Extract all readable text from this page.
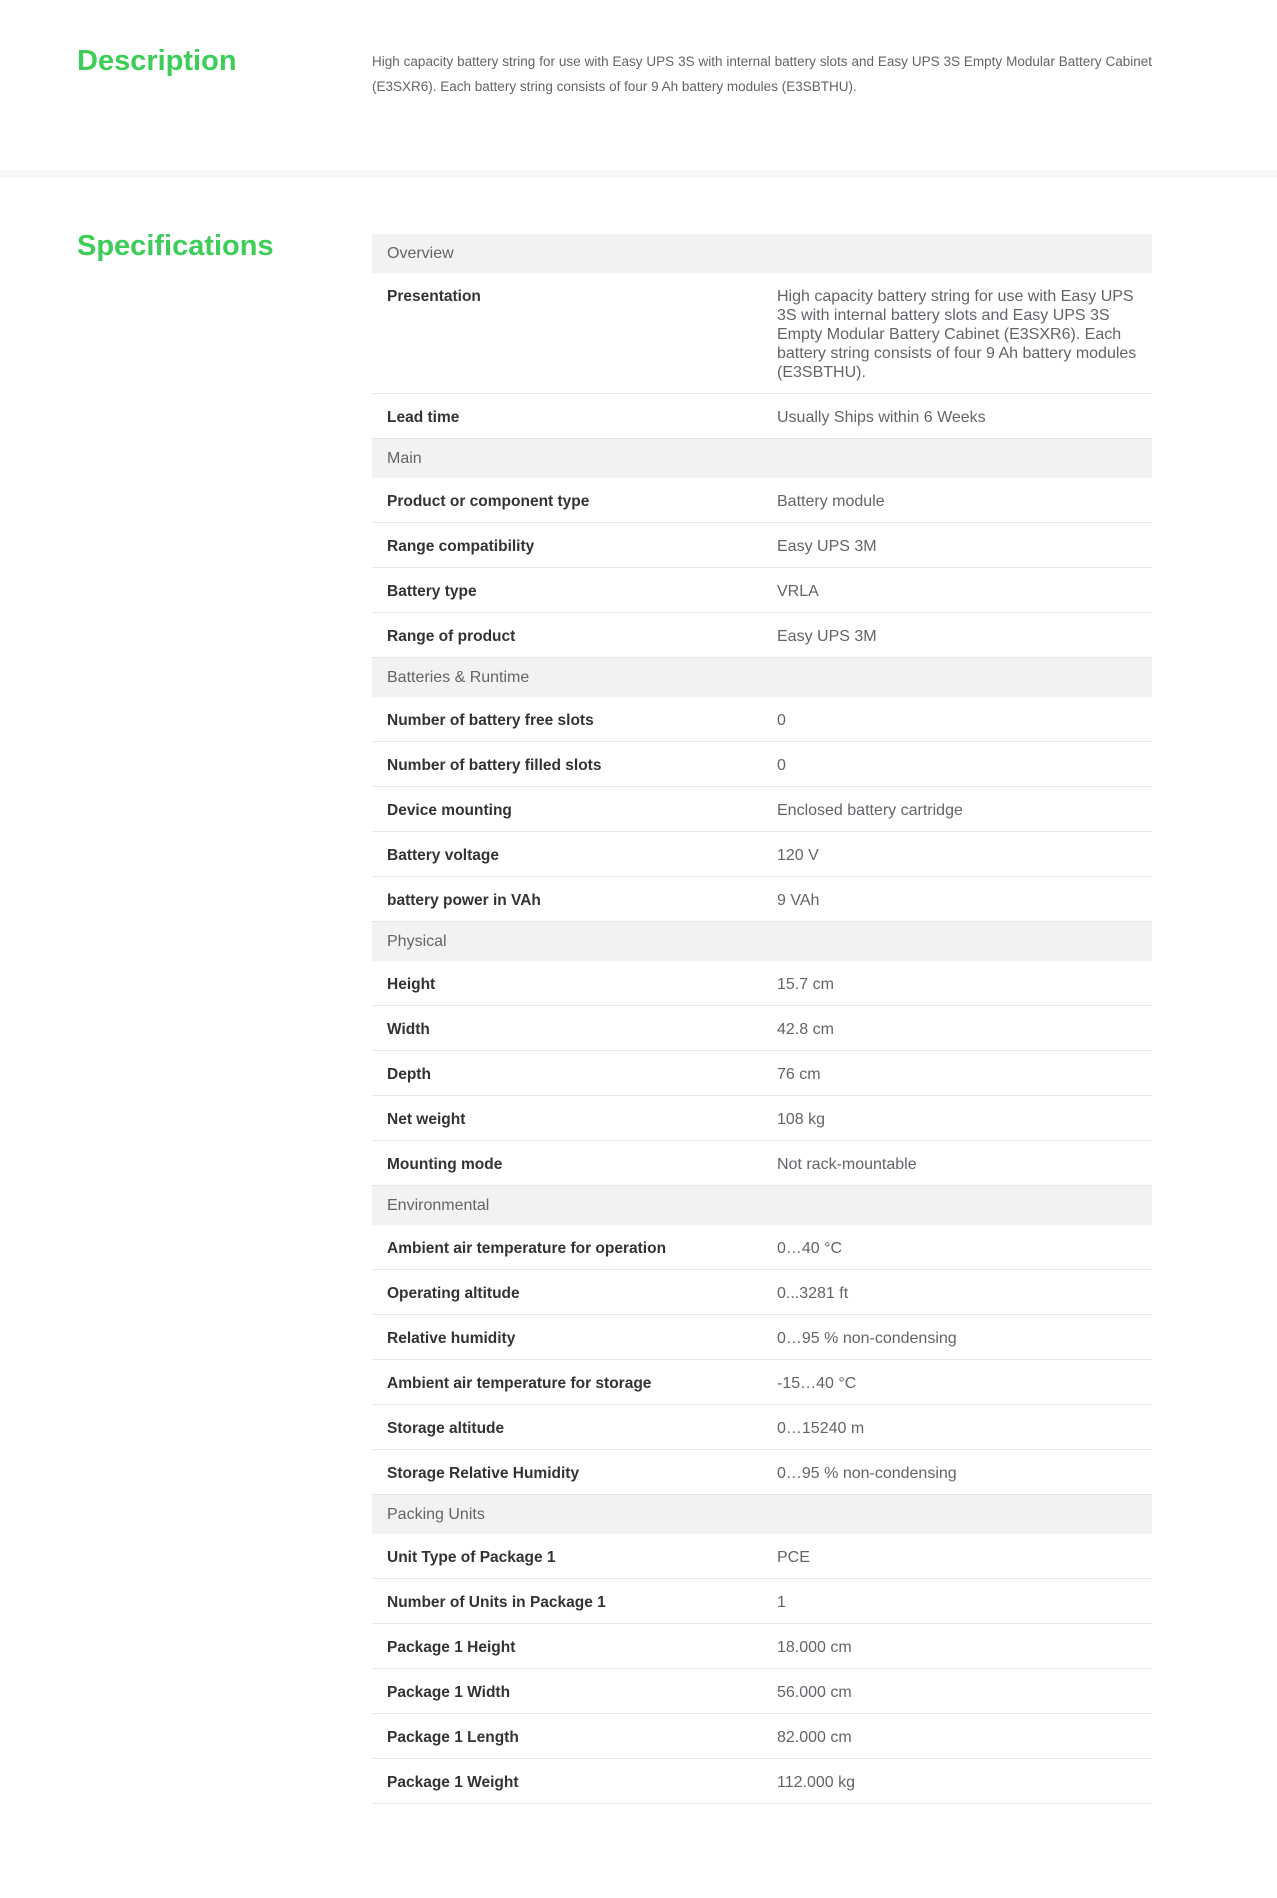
Description	High capacity battery string for use with Easy UPS 3S with internal battery slots and Easy UPS 3S Empty Modular Battery Cabinet (E3SXR6). Each battery string consists of four 9 Ah battery modules (E3SBTHU).

Specifications	Overview	
Presentation	High capacity battery string for use with Easy UPS 3S with internal battery slots and Easy UPS 3S Empty Modular Battery Cabinet (E3SXR6). Each battery string consists of four 9 Ah battery modules (E3SBTHU).
Lead time	Usually Ships within 6 Weeks
Main	
Product or component type	Battery module
Range compatibility	Easy UPS 3M
Battery type	VRLA
Range of product	Easy UPS 3M
Batteries & Runtime	
Number of battery free slots	0
Number of battery filled slots	0
Device mounting	Enclosed battery cartridge
Battery voltage	120 V
battery power in VAh	9 VAh
Physical	
Height	15.7 cm
Width	42.8 cm
Depth	76 cm
Net weight	108 kg
Mounting mode	Not rack-mountable
Environmental	
Ambient air temperature for operation	0…40 °C
Operating altitude	0...3281 ft
Relative humidity	0…95 % non-condensing
Ambient air temperature for storage	-15…40 °C
Storage altitude	0…15240 m
Storage Relative Humidity	0…95 % non-condensing
Packing Units	
Unit Type of Package 1	PCE
Number of Units in Package 1	1
Package 1 Height	18.000 cm
Package 1 Width	56.000 cm
Package 1 Length	82.000 cm
Package 1 Weight	112.000 kg
